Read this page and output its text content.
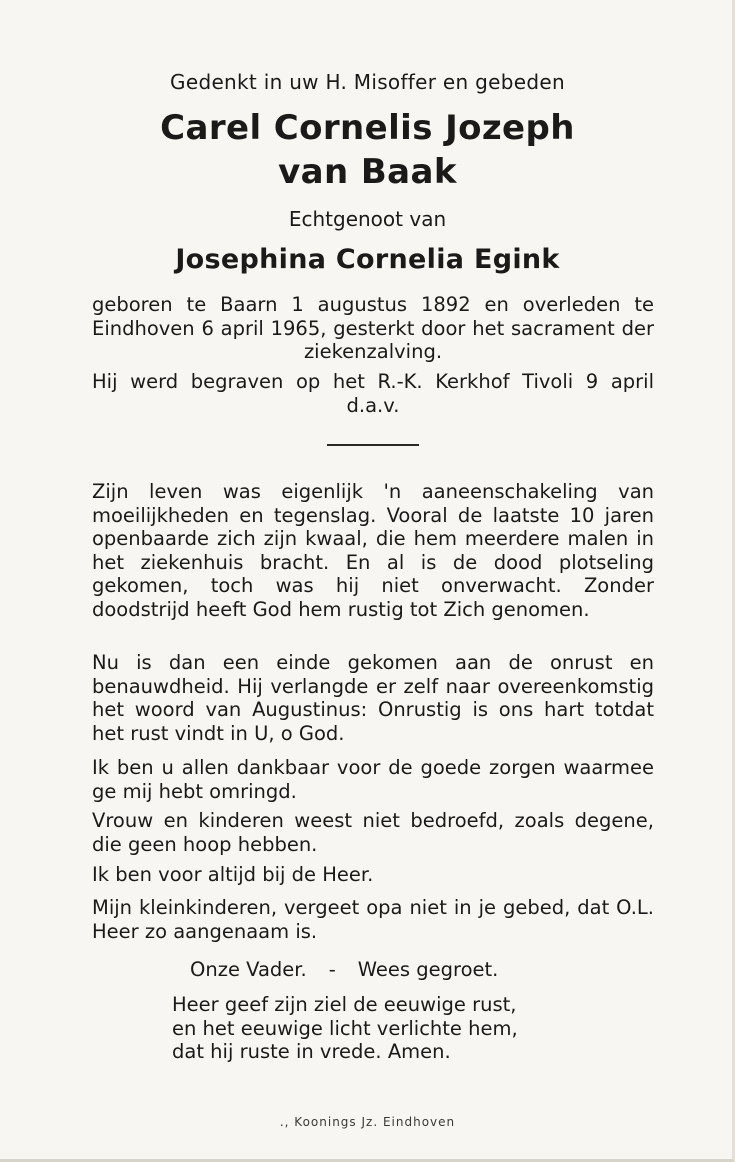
Gedenkt in uw H. Misoffer en gebeden

Carel Cornelis Jozeph

van Baak

Echtgenoot van

Josephina Cornelia Egink

geboren te Baarn 1 augustus 1892 en overleden te Eindhoven 6 april 1965, gesterkt door het sacrament der ziekenzalving.

Hij werd begraven op het R.-K. Kerkhof Tivoli 9 april d.a.v.

Zijn leven was eigenlijk 'n aaneenschakeling van moeilijkheden en tegenslag. Vooral de laatste 10 jaren openbaarde zich zijn kwaal, die hem meerdere malen in het ziekenhuis bracht. En al is de dood plotseling gekomen, toch was hij niet onverwacht. Zonder doodstrijd heeft God hem rustig tot Zich genomen.

Nu is dan een einde gekomen aan de onrust en benauwdheid. Hij verlangde er zelf naar overeenkomstig het woord van Augustinus: Onrustig is ons hart totdat het rust vindt in U, o God.

Ik ben u allen dankbaar voor de goede zorgen waarmee ge mij hebt omringd.

Vrouw en kinderen weest niet bedroefd, zoals degene, die geen hoop hebben.

Ik ben voor altijd bij de Heer.

Mijn kleinkinderen, vergeet opa niet in je gebed, dat O.L. Heer zo aangenaam is.

Onze Vader. - Wees gegroet.

Heer geef zijn ziel de eeuwige rust,
en het eeuwige licht verlichte hem,
dat hij ruste in vrede. Amen.

., Koonings Jz. Eindhoven
